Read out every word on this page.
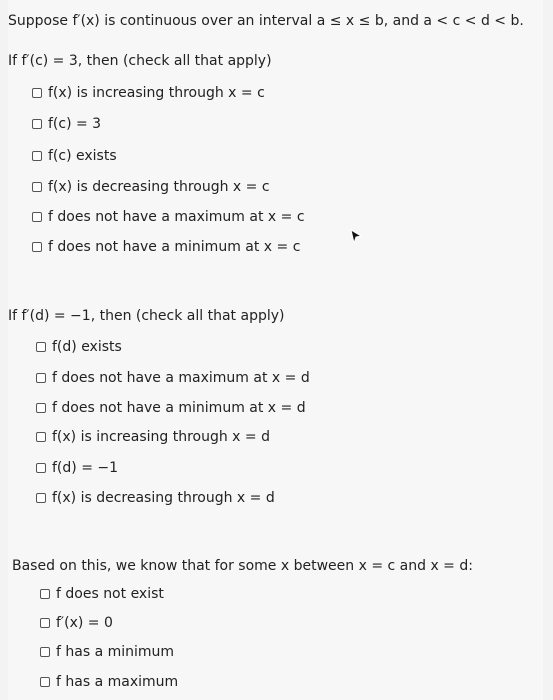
Suppose f′(x) is continuous over an interval a ≤ x ≤ b, and a < c < d < b.
If f′(c) = 3, then (check all that apply)
f(x) is increasing through x = c
f(c) = 3
f(c) exists
f(x) is decreasing through x = c
f does not have a maximum at x = c
f does not have a minimum at x = c
If f′(d) = −1, then (check all that apply)
f(d) exists
f does not have a maximum at x = d
f does not have a minimum at x = d
f(x) is increasing through x = d
f(d) = −1
f(x) is decreasing through x = d
Based on this, we know that for some x between x = c and x = d:
f does not exist
f′(x) = 0
f has a minimum
f has a maximum
